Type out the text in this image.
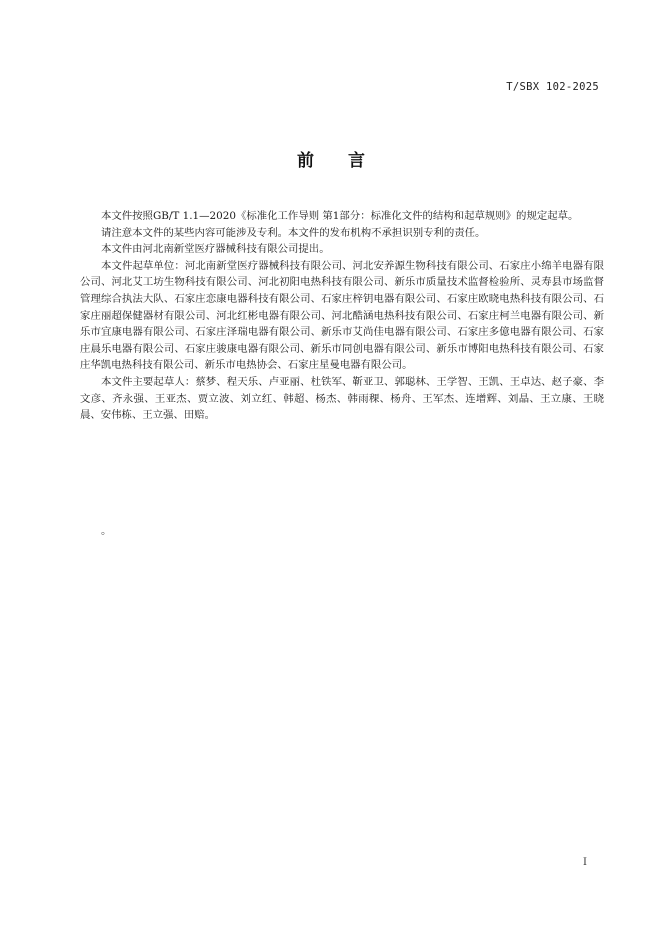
T/SBX 102-2025
前 言

本文件按照GB/T 1.1—2020《标准化工作导则 第1部分：标准化文件的结构和起草规则》的规定起草。

请注意本文件的某些内容可能涉及专利。本文件的发布机构不承担识别专利的责任。

本文件由河北南新堂医疗器械科技有限公司提出。

本文件起草单位：河北南新堂医疗器械科技有限公司、河北安养源生物科技有限公司、石家庄小绵羊电器有限公司、河北艾工坊生物科技有限公司、河北初阳电热科技有限公司、新乐市质量技术监督检验所、灵寿县市场监督管理综合执法大队、石家庄恋康电器科技有限公司、石家庄梓钥电器有限公司、石家庄欧晓电热科技有限公司、石家庄丽超保健器材有限公司、河北红彬电器有限公司、河北酷涵电热科技有限公司、石家庄柯兰电器有限公司、新乐市宜康电器有限公司、石家庄泽瑞电器有限公司、新乐市艾尚佳电器有限公司、石家庄多億电器有限公司、石家庄晨乐电器有限公司、石家庄骏康电器有限公司、新乐市同创电器有限公司、新乐市博阳电热科技有限公司、石家庄华凯电热科技有限公司、新乐市电热协会、石家庄星曼电器有限公司。

本文件主要起草人：蔡梦、程天乐、卢亚丽、杜铁军、靳亚卫、郭聪林、王学智、王凯、王卓达、赵子豪、李文彦、齐永强、王亚杰、贾立波、刘立红、韩超、杨杰、韩雨稞、杨舟、王军杰、连增辉、刘晶、王立康、王晓晨、安伟栋、王立强、田赔。

。
I
